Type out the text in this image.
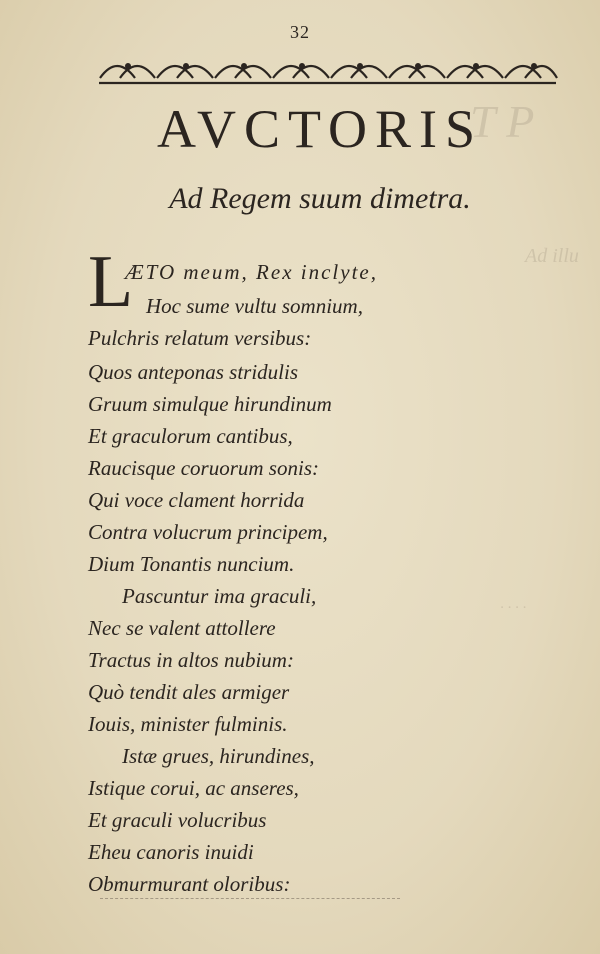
T P
Ad illu
· · · ·
32
AVCTORIS
Ad Regem suum dimetra.
L
ÆTO meum, Rex inclyte,
Hoc sume vultu somnium,
Pulchris relatum versibus:
Quos anteponas stridulis
Gruum simulque hirundinum
Et graculorum cantibus,
Raucisque coruorum sonis:
Qui voce clament horrida
Contra volucrum principem,
Dium Tonantis nuncium.
Pascuntur ima graculi,
Nec se valent attollere
Tractus in altos nubium:
Quò tendit ales armiger
Iouis, minister fulminis.
Istæ grues, hirundines,
Istique corui, ac anseres,
Et graculi volucribus
Eheu canoris inuidi
Obmurmurant oloribus:
